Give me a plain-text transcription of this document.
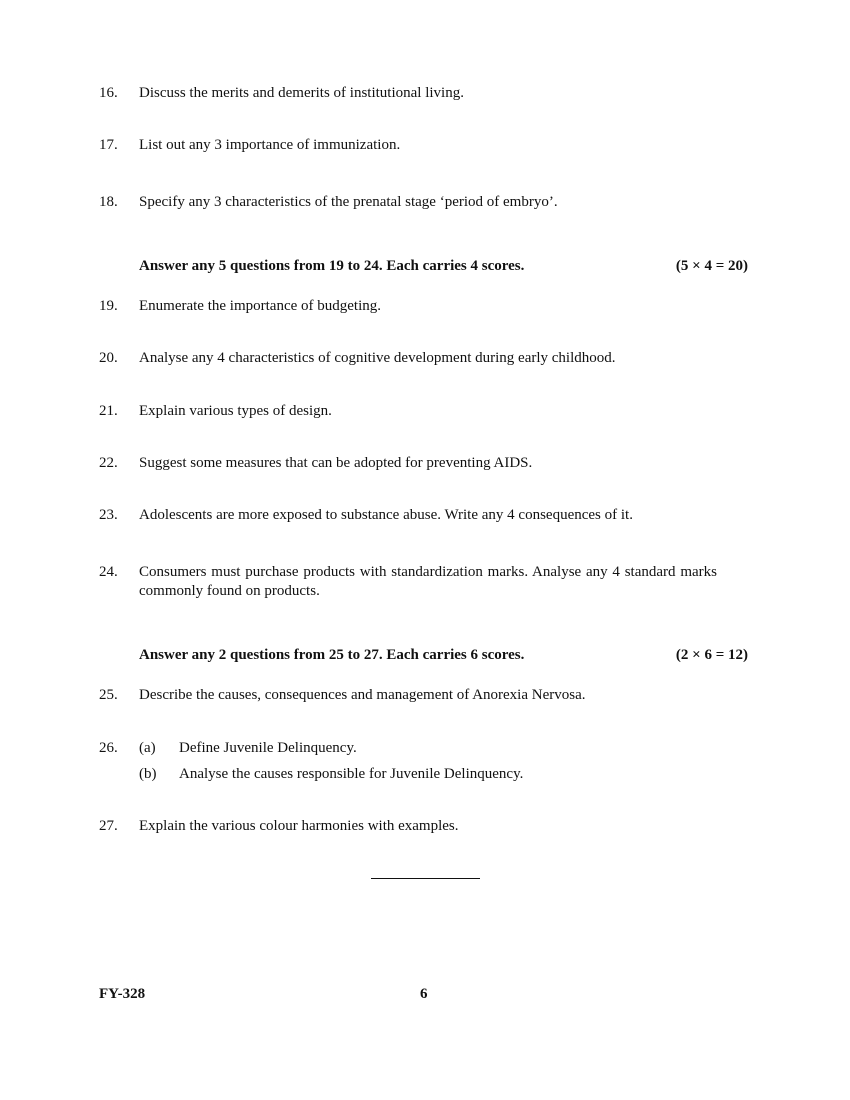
16. Discuss the merits and demerits of institutional living.
17. List out any 3 importance of immunization.
18. Specify any 3 characteristics of the prenatal stage ‘period of embryo’.
Answer any 5 questions from 19 to 24. Each carries 4 scores.	(5 × 4 = 20)
19. Enumerate the importance of budgeting.
20. Analyse any 4 characteristics of cognitive development during early childhood.
21. Explain various types of design.
22. Suggest some measures that can be adopted for preventing AIDS.
23. Adolescents are more exposed to substance abuse. Write any 4 consequences of it.
24. Consumers must purchase products with standardization marks. Analyse any 4 standard marks commonly found on products.
Answer any 2 questions from 25 to 27. Each carries 6 scores.	(2 × 6 = 12)
25. Describe the causes, consequences and management of Anorexia Nervosa.
26. (a) Define Juvenile Delinquency.
(b) Analyse the causes responsible for Juvenile Delinquency.
27. Explain the various colour harmonies with examples.
FY-328	6
